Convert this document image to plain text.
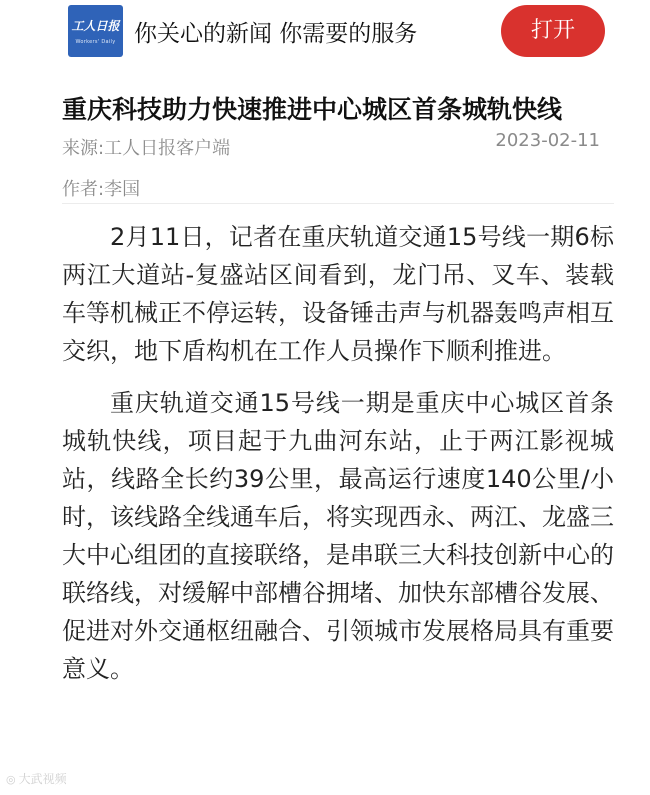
工人日报
Workers' Daily 你关心的新闻 你需要的服务	打开
重庆科技助力快速推进中心城区首条城轨快线
来源:工人日报客户端	2023-02-11
作者:李国

2月11日，记者在重庆轨道交通15号线一期6标两江大道站-复盛站区间看到，龙门吊、叉车、装载车等机械正不停运转，设备锤击声与机器轰鸣声相互交织，地下盾构机在工作人员操作下顺利推进。

重庆轨道交通15号线一期是重庆中心城区首条城轨快线，项目起于九曲河东站，止于两江影视城站，线路全长约39公里，最高运行速度140公里/小时，该线路全线通车后，将实现西永、两江、龙盛三大中心组团的直接联络，是串联三大科技创新中心的联络线，对缓解中部槽谷拥堵、加快东部槽谷发展、促进对外交通枢纽融合、引领城市发展格局具有重要意义。

◎ 大武视频
